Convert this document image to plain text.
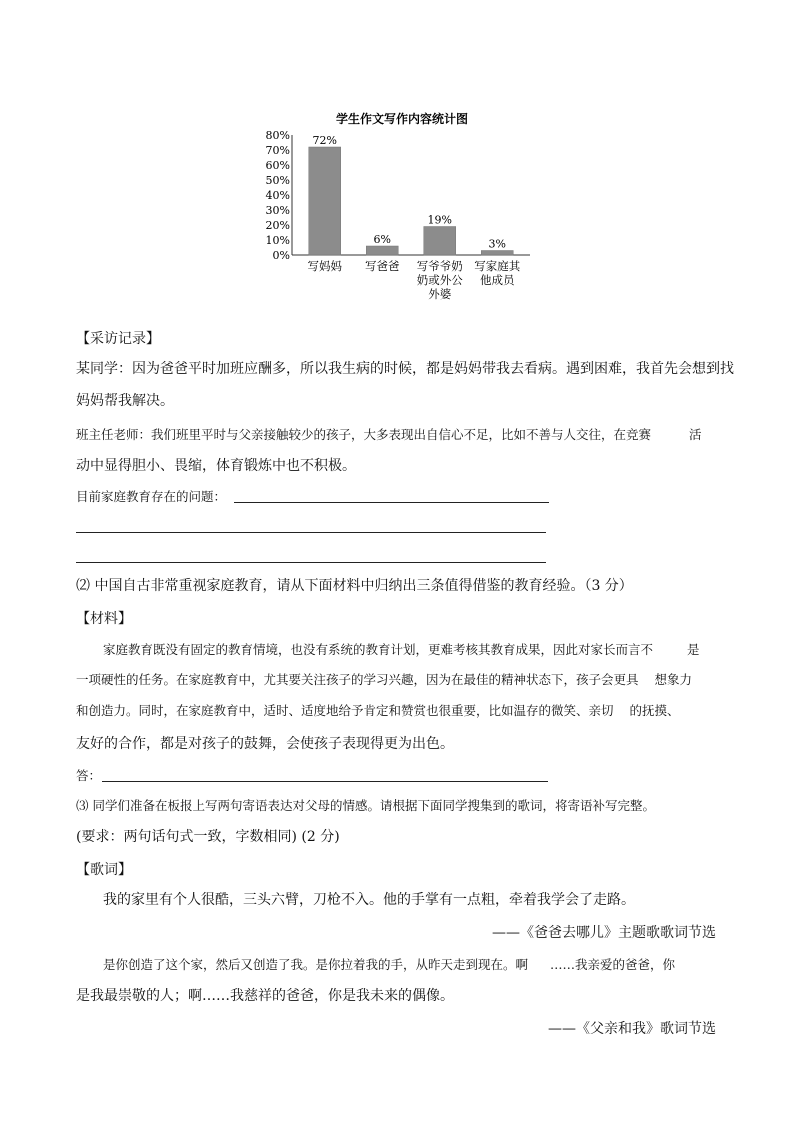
学生作文写作内容统计图
0%
10%
20%
30%
40%
50%
60%
70%
80% 72%
6%
19%
3%
写妈妈 写爸爸 写爷爷奶
奶或外公
外婆
写家庭其
他成员
【采访记录】
某同学：因为爸爸平时加班应酬多，所以我生病的时候，都是妈妈带我去看病。遇到困难，我首先会想到找
妈妈帮我解决。
班主任老师：我们班里平时与父亲接触较少的孩子，大多表现出自信心不足，比如不善与人交往，在竞赛	活
动中显得胆小、畏缩，体育锻炼中也不积极。
目前家庭教育存在的问题：
⑵ 中国自古非常重视家庭教育，请从下面材料中归纳出三条值得借鉴的教育经验。（3 分）
【材料】
家庭教育既没有固定的教育情境，也没有系统的教育计划，更难考核其教育成果，因此对家长而言不	是
一项硬性的任务。在家庭教育中，尤其要关注孩子的学习兴趣，因为在最佳的精神状态下，孩子会更具 想象力
和创造力。同时，在家庭教育中，适时、适度地给予肯定和赞赏也很重要，比如温存的微笑、亲切 的抚摸、
友好的合作，都是对孩子的鼓舞，会使孩子表现得更为出色。
答：
⑶ 同学们准备在板报上写两句寄语表达对父母的情感。请根据下面同学搜集到的歌词，将寄语补写完整。
(要求：两句话句式一致，字数相同) (2 分)
【歌词】
我的家里有个人很酷，三头六臂，刀枪不入。他的手掌有一点粗，牵着我学会了走路。
——《爸爸去哪儿》主题歌歌词节选
是你创造了这个家，然后又创造了我。是你拉着我的手，从昨天走到现在。啊 ……我亲爱的爸爸，你
是我最崇敬的人；啊……我慈祥的爸爸，你是我未来的偶像。
——《父亲和我》歌词节选
